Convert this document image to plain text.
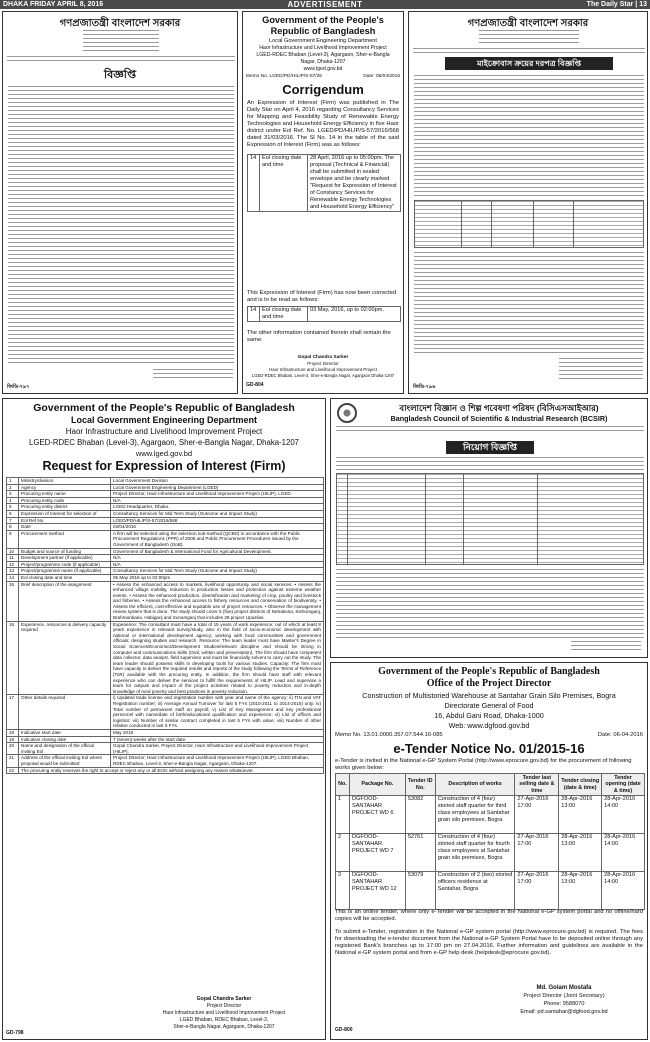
DHAKA FRIDAY APRIL 8, 2016	ADVERTISEMENT	The Daily Star | 13
গণপ্রজাতন্ত্রী বাংলাদেশ সরকার
বিজ্ঞপ্তি
জিডি-৭৯৭
Government of the People's
Republic of Bangladesh
Local Government Engineering Department
Haor Infrastructure and Livelihood Improvement Project
LGED-RDEC Bhaban (Level-3), Agargaon, Sher-e-Bangla
Nagar, Dhaka-1207
www.lged.gov.bd
Memo No. LGED/PD/HILIP/S-57/26	Date: 06/04/2016
Corrigendum
An Expression of Interest (Firm) was published in The Daily Star on April 4, 2016 regarding Consultancy Services for Mapping and Feasibility Study of Renewable Energy Technologies and Household Energy Efficiency in five Haor district under Eol Ref. No. LGED/PD/HILIP/S-57/2016/568 dated 31/03/2016. The Sl No. 14 in the table of the said Expression of Interest (Firm) was as follows:
14	Eol closing date and time	28 April, 2016 up to 05:00pm. The proposal (Technical & Financial) shall be submitted in sealed envelope and be clearly marked "Request for Expression of Interest of Constancy Services for Renewable Energy Technologies and Household Energy Efficiency"
This Expression of Interest (Firm) has now been corrected and is to be read as follows:
14	Eol closing date and time	03 May, 2016, up to 02:00pm.
The other information contained therein shall remain the same.
Gopal Chandra Sarker
Project Director
Haor Infrastructure and Livelihood Improvement Project
LGED-RDEC Bhaban, Level-3, Sher-e-Bangla Nagar, Agargaon Dhaka-1207
GD-804
গণপ্রজাতন্ত্রী বাংলাদেশ সরকার
মাইক্রোবাস ক্রয়ের দরপত্র বিজ্ঞপ্তি
জিডি-৭৯৬
Government of the People's Republic of Bangladesh
Local Government Engineering Department
Haor Infrastructure and Livelihood Improvement Project
LGED-RDEC Bhaban (Level-3), Agargaon, Sher-e-Bangla Nagar, Dhaka-1207
www.lged.gov.bd
Request for Expression of Interest (Firm)
1	Ministry/division	Local Government Division
2	Agency	Local Government Engineering Department (LGED)
3	Procuring entity name	Project Director, Haor Infrastructure and Livelihood Improvement Project (HILIP), LGED.
4	Procuring entity code	N/A
5	Procuring entity district	LGED Headquarter, Dhaka.
6	Expression of Interest for selection of	Consultancy Services for Mid Term Study (Outcome and Impact Study)
7	Eol Ref No.	LGED/PD/HILIP/S-57/2016/588
8	Date	03/04/2016
9	Procurement method	A firm will be selected using the selection sub-method (QCBS) in accordance with the Public Procurement Regulations (PPR) of 2008 and Public Procurement Procedures issued by the Government of Bangladesh (GoB).
10	Budget and source of funding	Government of Bangladesh & International Fund for Agricultural Development.
11	Development partner (if applicable)	N/A
12	Project/programme code (if applicable)	N/A
13	Project/programme name (if applicable)	Consultancy Services for Mid Term Study (Outcome and Impact Study)
14	Eol closing date and time	05 May 2016 up to 02:00pm
15	Brief description of the assignment	• Assess the enhanced access to markets, livelihood opportunity and social services. • Assess the enhanced village mobility, reduction in production losses and protection against extreme weather events. • Assess the enhanced production, diversification and marketing of crop, poultry and livestock and fisheries. • Assess the enhanced access to fishery resources and conservation of biodiversity. • Assess the efficient, cost-effective and equitable use of project resources. • Observe the management review system that is done. The study should cover 5 (five) project districts of Netrakona, Kishoreganj, Brahmanbaria, Habiganj and Sunamganj that includes 28 project Upazilas.
16	Experience, resources & delivery capacity required	Experience: The consultant must have a total of 15 years of work experience; out of which at least 8 years experience in relevant survey/study, also in the field of socio-economic development with national or international development agency; working with local communities and government officials; designing studies and research. Resource: The team leader must have Master's Degree in Social Sciences/Economics/Development Studies/relevant discipline and should be strong in computer and communications skills (Oral, written and presentation). The firm should have competent data collector, data analyst, field supervisor and must be financially solvent to carry out the study. The team leader should possess skills in developing tools for various studies. Capacity: The firm must have capacity to deliver the required results and reports of the study following the Terms of Reference (ToR) available with the procuring entity. In addition, the firm should have staff with relevant experience who can deliver the services to fulfill the requirements of HILIP. Lead and supervise a team for outputs and impact of the project activities related to poverty reduction and in-depth knowledge of rural poverty and best practices in poverty reduction.
17	Other details required	i) Updated trade license and registration number with year and name of the agency; ii) TIN and VAT Registration number; iii) Average Annual Turnover for last 5 FYs (2010-2011 to 2014-2015) only; iv) Total number of permanent staff on payroll; v) List of Key Management and key professional personnel with name/date of birth/educational qualification and experience; vi) List of offices and logistics; vii) Number of similar contract completed in last 5 FYs with value; viii) Number of other relative conducted in last 5 FYs.
18	Indicative start date	May 2016
19	Indicative closing date	7 (seven) weeks after the start date.
20	Name and designation of the official inviting Eol	Gopal Chandra Sarker, Project Director, Haor Infrastructure and Livelihood Improvement Project (HILIP).
21	Address of the official inviting Eol where proposal would be submitted	Project Director, Haor Infrastructure and Livelihood Improvement Project (HILIP), LGED Bhaban, RDEC Bhaban, Level-3, Sher-e-Bangla Nagar, Agargaon, Dhaka-1207.
22	The procuring entity reserves the right to accept or reject any or all EOIs without assigning any reason whatsoever.	
Gopal Chandra Sarker
Project Director
Haor Infrastructure and Livelihood Improvement Project
LGED Bhaban, RDEC Bhaban, Level-3,
Sher-e-Bangla Nagar, Agargaon, Dhaka-1207
GD-798
বাংলাদেশ বিজ্ঞান ও শিল্প গবেষণা পরিষদ (বিসিএসআইআর)
Bangladesh Council of Scientific & Industrial Research (BCSIR)
নিয়োগ বিজ্ঞপ্তি
Government of the People's Republic of Bangladesh
Office of the Project Director
Construction of Multistoried Warehouse at Santahar Grain Silo Premises, Bogra
Directorate General of Food
16, Abdul Gani Road, Dhaka-1000
Web: www.dgfood.gov.bd
Memo No. 13.01.0000.357.07.544.16-085	Date: 06-04-2016
e-Tender Notice No. 01/2015-16
e-Tender is invited in the National e-GP System Portal (http://www.eprocure.gov.bd) for the procurement of following works given below:
No.	Package No.	Tender ID No.	Description of works	Tender last selling date & time	Tender closing (date & time)	Tender opening (date & time)
1	DGFOOD-SANTAHAR PROJECT WD 6	53082	Construction of 4 (four) storied staff quarter for third class employees at Santahar grain silo premises, Bogra	27-Apr-2016 17:00	28-Apr-2016 13:00	28-Apr-2016 14:00
2	DGFOOD-SANTAHAR PROJECT WD 7	52761	Construction of 4 (four) storied staff quarter for fourth class employees at Santahar grain silo premises, Bogra	27-Apr-2016 17:00	28-Apr-2016 13:00	28-Apr-2016 14:00
3	DGFOOD-SANTAHAR PROJECT WD 12	53079	Construction of 2 (two) storied officers residence at Santahar, Bogra	27-Apr-2016 17:00	28-Apr-2016 13:00	28-Apr-2016 14:00
This is an online tender, where only e-Tender will be accepted in the National e-GP system portal and no offline/hard copies will be accepted.
To submit e-Tender, registration in the National e-GP system portal (http://www.eprocure.gov.bd) is required. The fees for downloading the e-tender document from the National e-GP System Portal have to be deposited online through any registered Bank's branches up to 17:00 pm on 27.04.2016. Further information and guidelines are available in the National e-GP system portal and from e-GP help desk (helpdesk@eprocure.gov.bd).
Md. Golam Mostafa
Project Director (Joint Secretary)
Phone: 9588070
Email: pd.santahar@dgfood.gov.bd
GD-800
